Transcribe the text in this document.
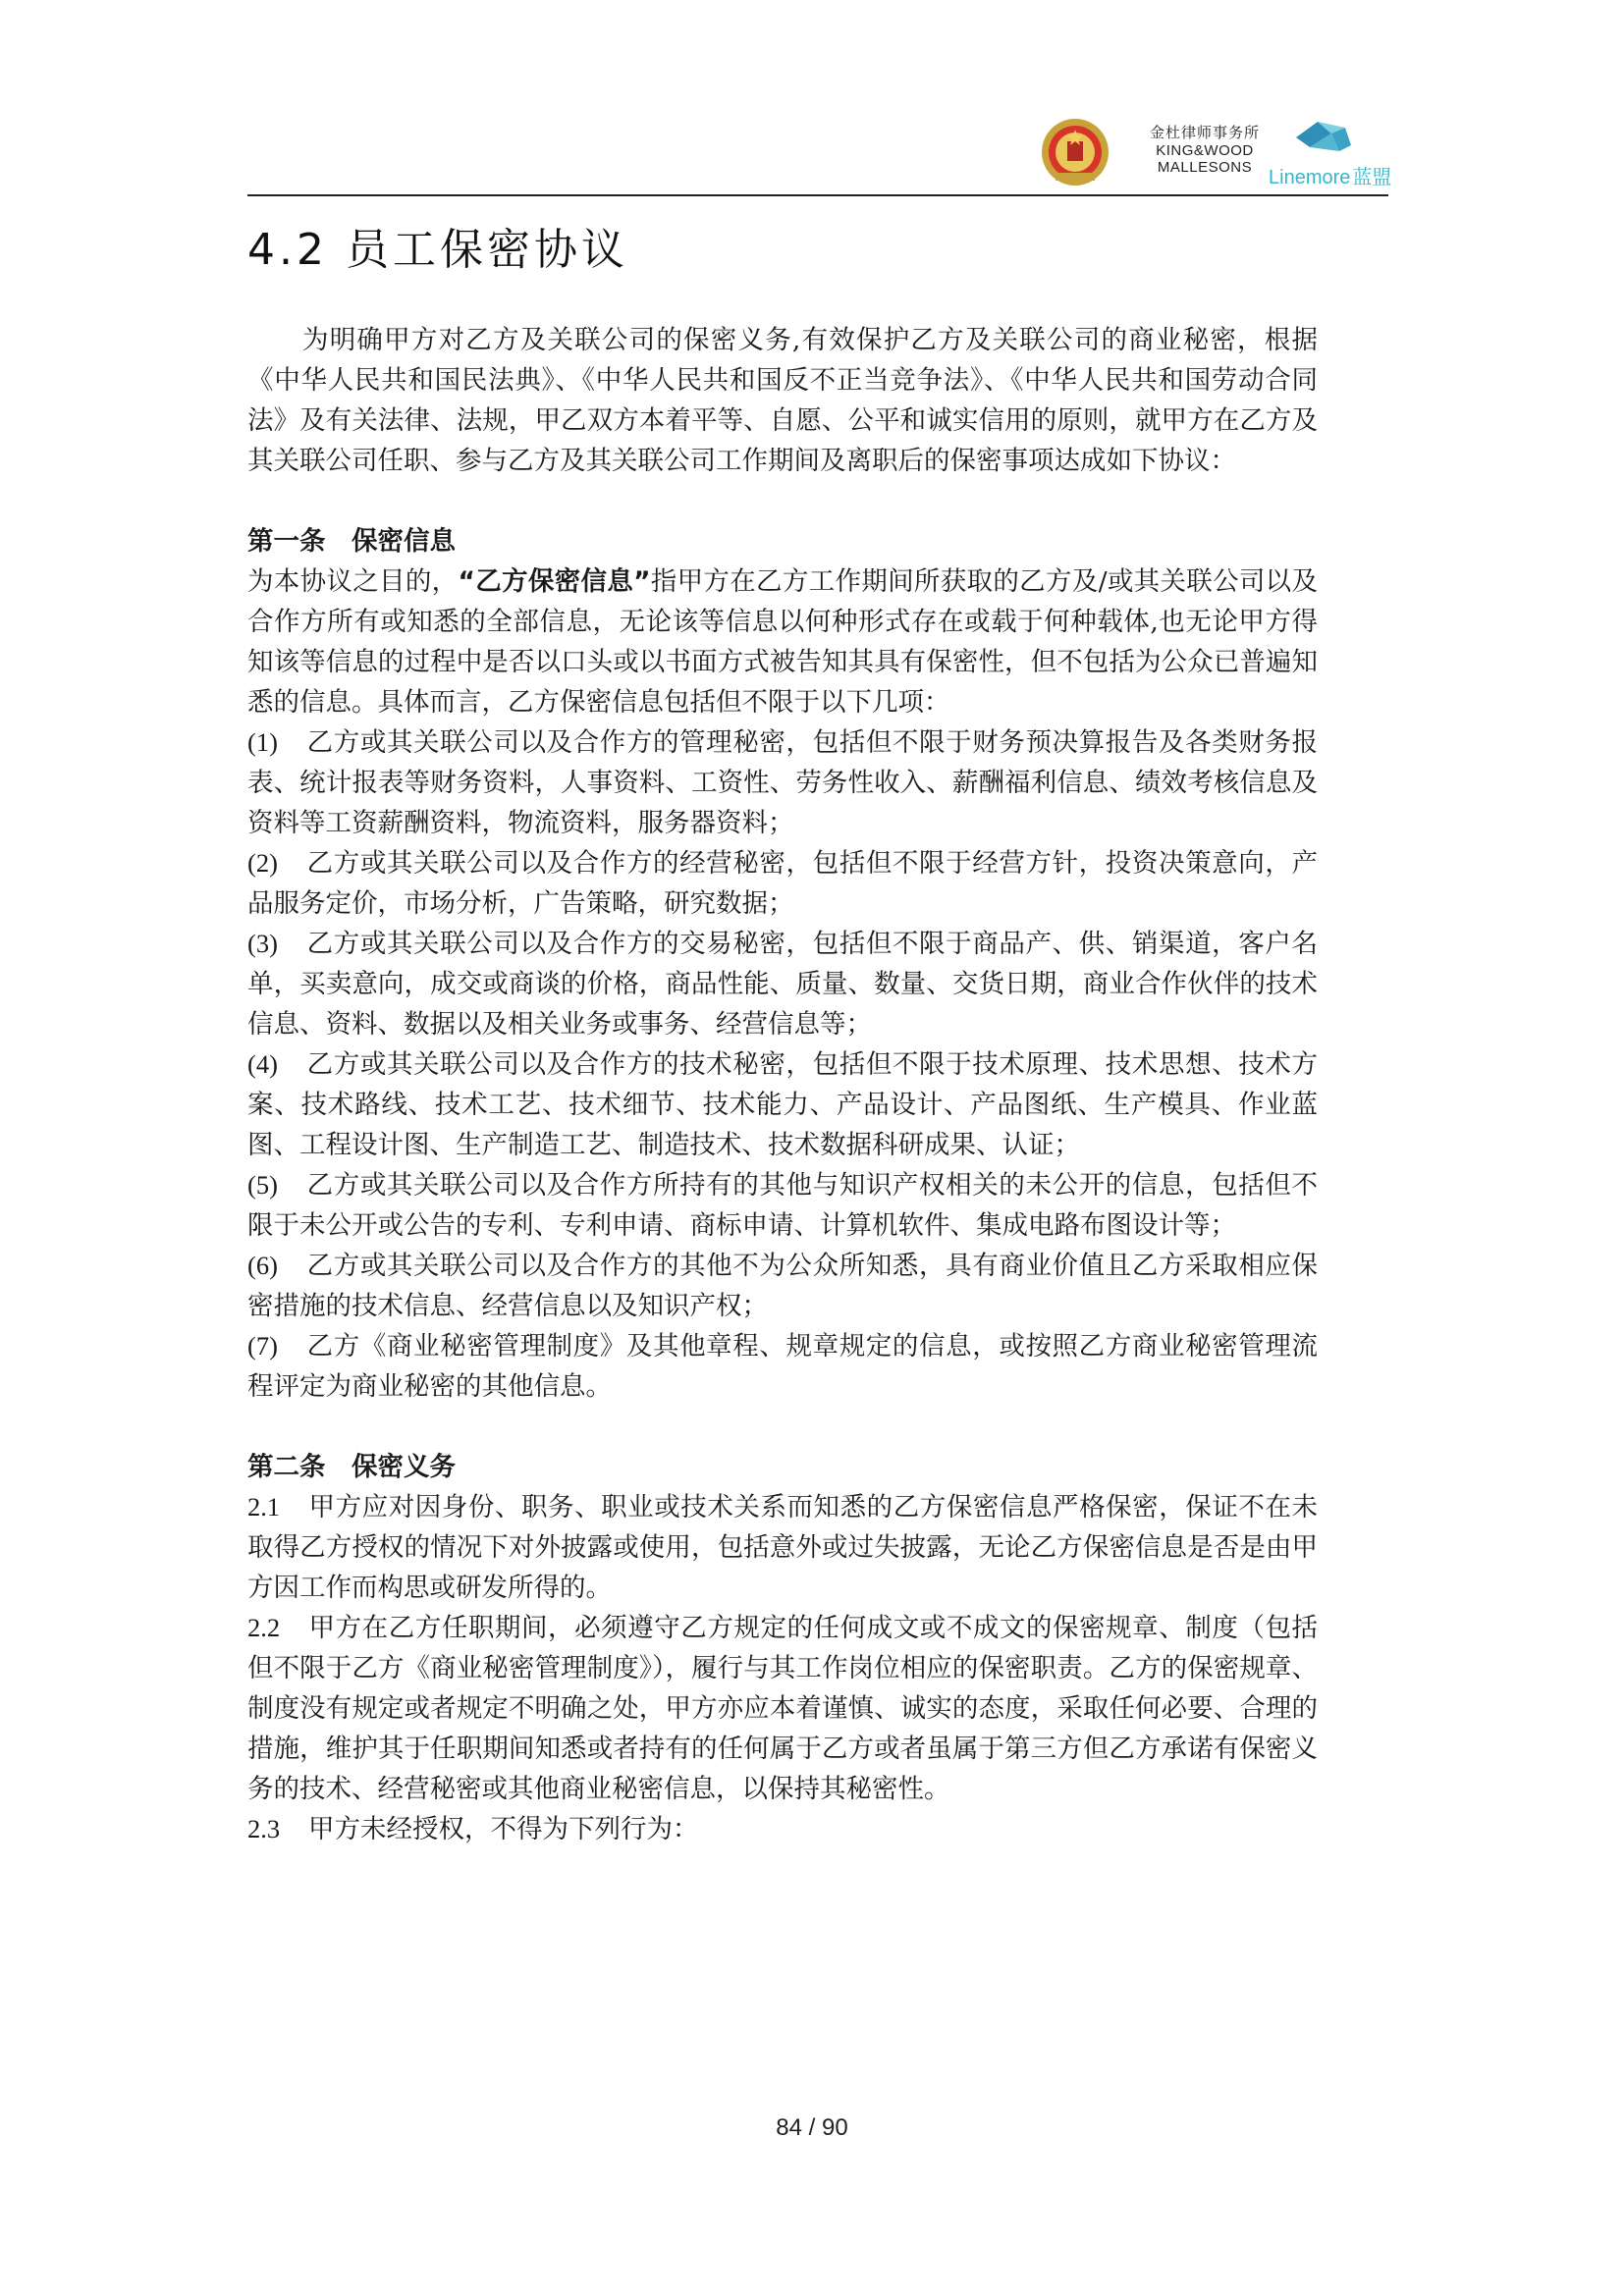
金杜律师事务所
KING&WOOD
MALLESONS Linemore 蓝盟
4.2 员工保密协议

为明确甲方对乙方及关联公司的保密义务,有效保护乙方及关联公司的商业秘密，根据《中华人民共和国民法典》、《中华人民共和国反不正当竞争法》、《中华人民共和国劳动合同法》及有关法律、法规，甲乙双方本着平等、自愿、公平和诚实信用的原则，就甲方在乙方及其关联公司任职、参与乙方及其关联公司工作期间及离职后的保密事项达成如下协议：

第一条　保密信息

为本协议之目的，“乙方保密信息”指甲方在乙方工作期间所获取的乙方及/或其关联公司以及合作方所有或知悉的全部信息，无论该等信息以何种形式存在或载于何种载体,也无论甲方得知该等信息的过程中是否以口头或以书面方式被告知其具有保密性，但不包括为公众已普遍知悉的信息。具体而言，乙方保密信息包括但不限于以下几项：

(1) 乙方或其关联公司以及合作方的管理秘密，包括但不限于财务预决算报告及各类财务报表、统计报表等财务资料，人事资料、工资性、劳务性收入、薪酬福利信息、绩效考核信息及资料等工资薪酬资料，物流资料，服务器资料；

(2) 乙方或其关联公司以及合作方的经营秘密，包括但不限于经营方针，投资决策意向，产品服务定价，市场分析，广告策略，研究数据；

(3) 乙方或其关联公司以及合作方的交易秘密，包括但不限于商品产、供、销渠道，客户名单，买卖意向，成交或商谈的价格，商品性能、质量、数量、交货日期，商业合作伙伴的技术信息、资料、数据以及相关业务或事务、经营信息等；

(4) 乙方或其关联公司以及合作方的技术秘密，包括但不限于技术原理、技术思想、技术方案、技术路线、技术工艺、技术细节、技术能力、产品设计、产品图纸、生产模具、作业蓝图、工程设计图、生产制造工艺、制造技术、技术数据科研成果、认证；

(5) 乙方或其关联公司以及合作方所持有的其他与知识产权相关的未公开的信息，包括但不限于未公开或公告的专利、专利申请、商标申请、计算机软件、集成电路布图设计等；

(6) 乙方或其关联公司以及合作方的其他不为公众所知悉，具有商业价值且乙方采取相应保密措施的技术信息、经营信息以及知识产权；

(7) 乙方《商业秘密管理制度》及其他章程、规章规定的信息，或按照乙方商业秘密管理流程评定为商业秘密的其他信息。

第二条　保密义务

2.1 甲方应对因身份、职务、职业或技术关系而知悉的乙方保密信息严格保密，保证不在未取得乙方授权的情况下对外披露或使用，包括意外或过失披露，无论乙方保密信息是否是由甲方因工作而构思或研发所得的。

2.2 甲方在乙方任职期间，必须遵守乙方规定的任何成文或不成文的保密规章、制度（包括但不限于乙方《商业秘密管理制度》），履行与其工作岗位相应的保密职责。乙方的保密规章、制度没有规定或者规定不明确之处，甲方亦应本着谨慎、诚实的态度，采取任何必要、合理的措施，维护其于任职期间知悉或者持有的任何属于乙方或者虽属于第三方但乙方承诺有保密义务的技术、经营秘密或其他商业秘密信息，以保持其秘密性。

2.3 甲方未经授权，不得为下列行为：

84 / 90
